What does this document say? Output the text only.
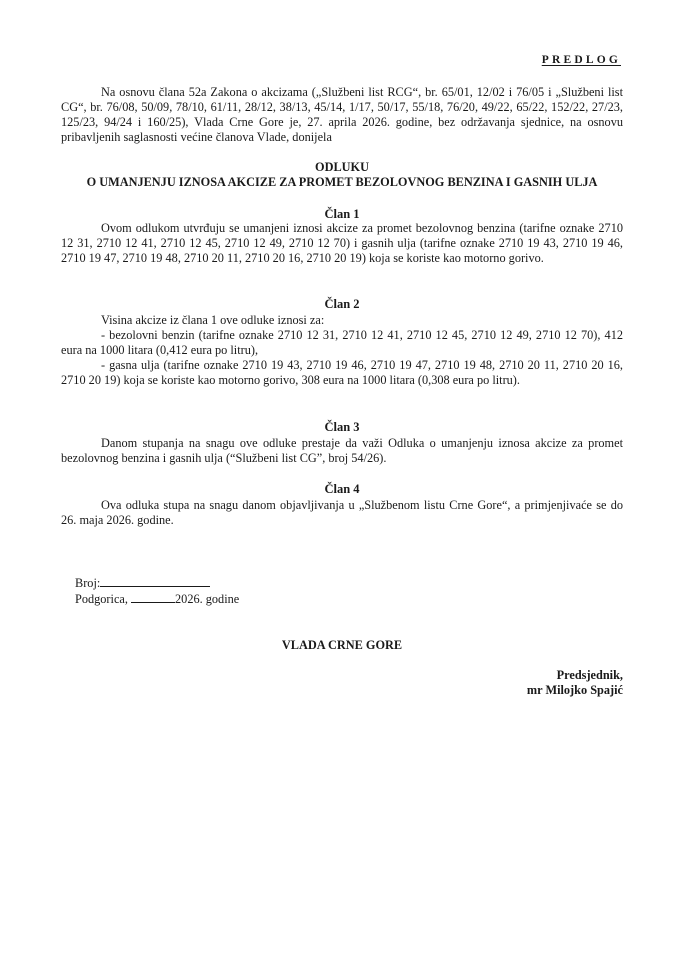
PREDLOG
Na osnovu člana 52a Zakona o akcizama („Službeni list RCG“, br. 65/01, 12/02 i 76/05 i „Službeni list CG“, br. 76/08, 50/09, 78/10, 61/11, 28/12, 38/13, 45/14, 1/17, 50/17, 55/18, 76/20, 49/22, 65/22, 152/22, 27/23, 125/23, 94/24 i 160/25), Vlada Crne Gore je, 27. aprila 2026. godine, bez održavanja sjednice, na osnovu pribavljenih saglasnosti većine članova Vlade, donijela
ODLUKU
O UMANJENJU IZNOSA AKCIZE ZA PROMET BEZOLOVNOG BENZINA I GASNIH ULJA
Član 1

Ovom odlukom utvrđuju se umanjeni iznosi akcize za promet bezolovnog benzina (tarifne oznake 2710 12 31, 2710 12 41, 2710 12 45, 2710 12 49, 2710 12 70) i gasnih ulja (tarifne oznake 2710 19 43, 2710 19 46, 2710 19 47, 2710 19 48, 2710 20 11, 2710 20 16, 2710 20 19) koja se koriste kao motorno gorivo.

Član 2

Visina akcize iz člana 1 ove odluke iznosi za:

- bezolovni benzin (tarifne oznake 2710 12 31, 2710 12 41, 2710 12 45, 2710 12 49, 2710 12 70), 412 eura na 1000 litara (0,412 eura po litru),

- gasna ulja (tarifne oznake 2710 19 43, 2710 19 46, 2710 19 47, 2710 19 48, 2710 20 11, 2710 20 16, 2710 20 19) koja se koriste kao motorno gorivo, 308 eura na 1000 litara (0,308 eura po litru).

Član 3

Danom stupanja na snagu ove odluke prestaje da važi Odluka o umanjenju iznosa akcize za promet bezolovnog benzina i gasnih ulja (“Službeni list CG”, broj 54/26).

Član 4

Ova odluka stupa na snagu danom objavljivanja u „Službenom listu Crne Gore“, a primjenjivaće se do 26. maja 2026. godine.

Broj:
Podgorica,	2026. godine
VLADA CRNE GORE
Predsjednik,
mr Milojko Spajić
